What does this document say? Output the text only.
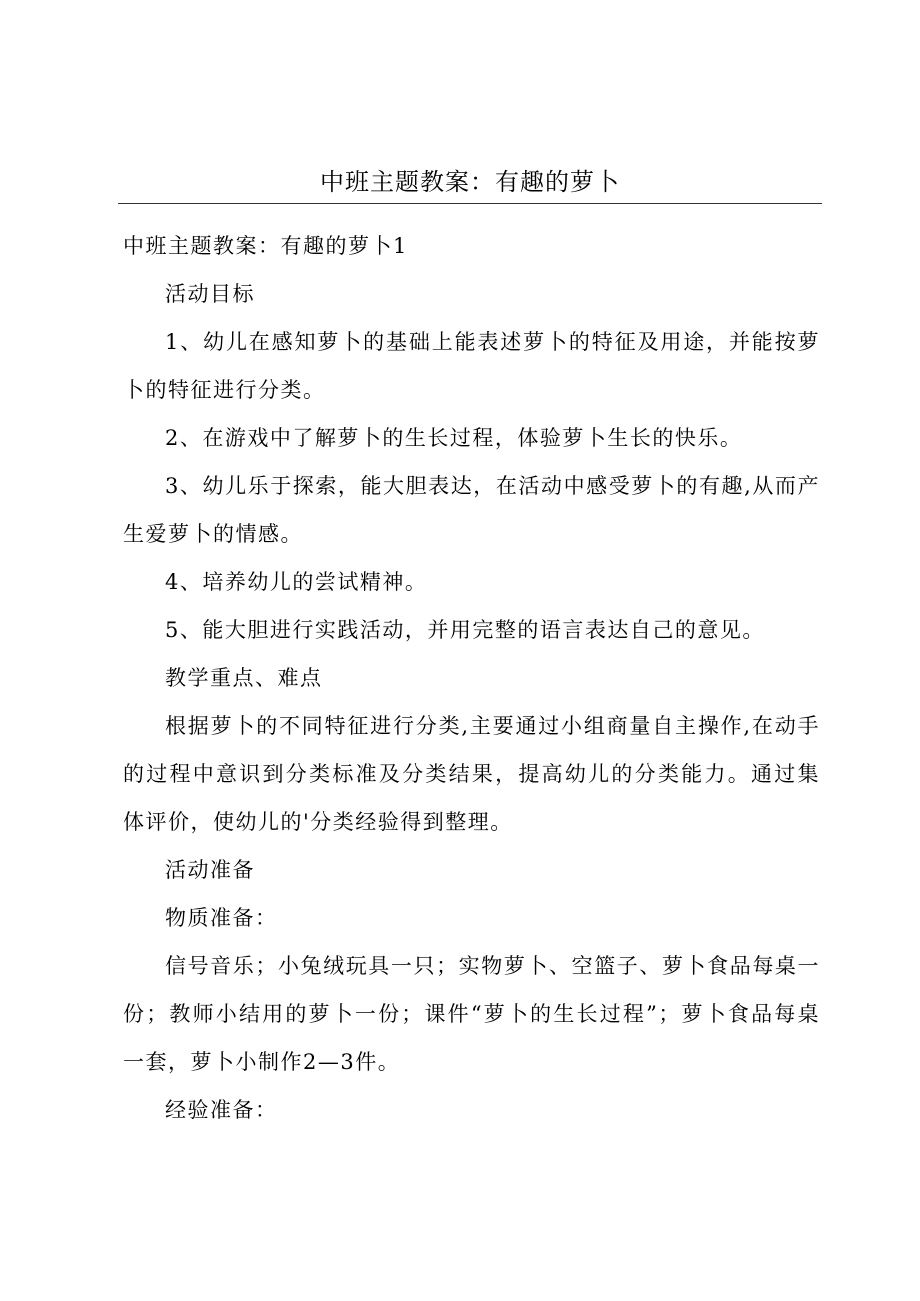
中班主题教案：有趣的萝卜

中班主题教案：有趣的萝卜1

活动目标

1、幼儿在感知萝卜的基础上能表述萝卜的特征及用途，并能按萝卜的特征进行分类。

2、在游戏中了解萝卜的生长过程，体验萝卜生长的快乐。

3、幼儿乐于探索，能大胆表达，在活动中感受萝卜的有趣,从而产生爱萝卜的情感。

4、培养幼儿的尝试精神。

5、能大胆进行实践活动，并用完整的语言表达自己的意见。

教学重点、难点

根据萝卜的不同特征进行分类,主要通过小组商量自主操作,在动手的过程中意识到分类标准及分类结果，提高幼儿的分类能力。通过集体评价，使幼儿的'分类经验得到整理。

活动准备

物质准备：

信号音乐；小兔绒玩具一只；实物萝卜、空篮子、萝卜食品每桌一份；教师小结用的萝卜一份；课件“萝卜的生长过程”；萝卜食品每桌一套，萝卜小制作2—3件。

经验准备：
